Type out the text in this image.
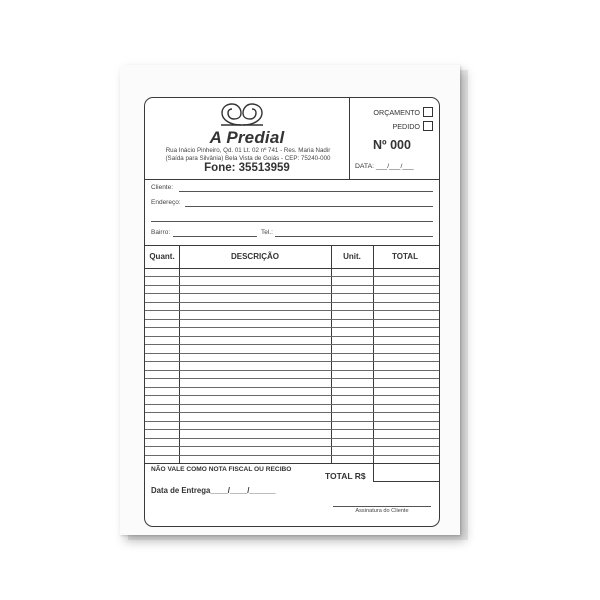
A Predial
Rua Inácio Pinheiro, Qd. 01 Lt. 02 nº 741 - Res. Maria Nadir
(Saída para Silvânia) Bela Vista de Goiás - CEP: 75240-000
Fone: 35513959
ORÇAMENTO
PEDIDO
Nº 000
DATA: ___/___/___
Cliente:
Endereço:
Bairro:	Tel.:
Quant.	DESCRIÇÃO	Unit.	TOTAL
NÃO VALE COMO NOTA FISCAL OU RECIBO
TOTAL R$
Data de Entrega____/____/______
Assinatura do Cliente
